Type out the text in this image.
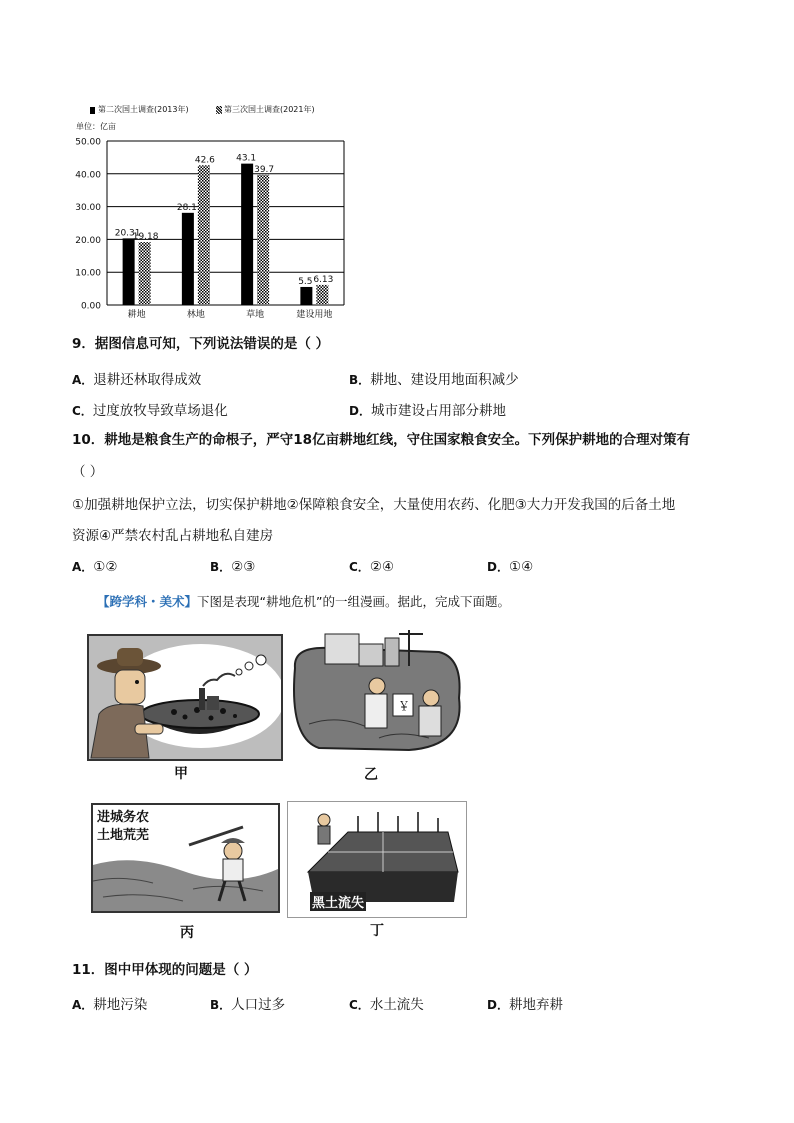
第二次国土调查(2013年)	第三次国土调查(2021年)
单位：亿亩
0.00
10.00
20.00
30.00
40.00
50.00
20.31
19.18
耕地
28.1
42.6
林地
43.1
39.7
草地
5.5 6.13
建设用地
9．据图信息可知，下列说法错误的是（ ）
A．退耕还林取得成效	B．耕地、建设用地面积减少
C．过度放牧导致草场退化	D．城市建设占用部分耕地
10．耕地是粮食生产的命根子，严守18亿亩耕地红线，守住国家粮食安全。下列保护耕地的合理对策有
（ ）
①加强耕地保护立法，切实保护耕地②保障粮食安全，大量使用农药、化肥③大力开发我国的后备土地
资源④严禁农村乱占耕地私自建房
A．①②	B．②③	C．②④	D．①④
【跨学科・美术】下图是表现“耕地危机”的一组漫画。据此，完成下面题。
甲
￥
乙
进城务农
土地荒芜
丙
黑土流失
丁
11．图中甲体现的问题是（ ）
A．耕地污染	B．人口过多	C．水土流失	D．耕地弃耕
